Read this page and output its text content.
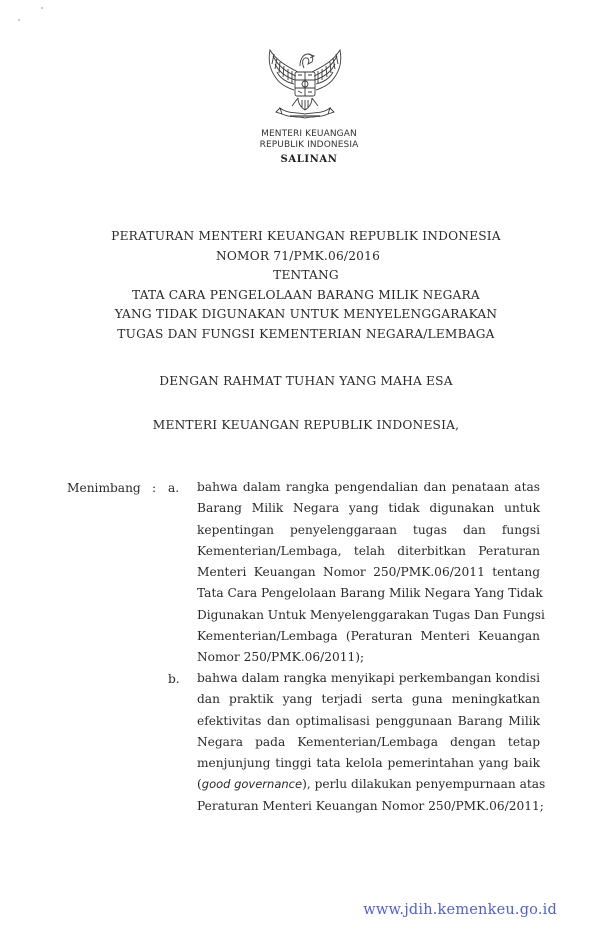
MENTERI KEUANGAN
REPUBLIK INDONESIA
SALINAN
PERATURAN MENTERI KEUANGAN REPUBLIK INDONESIA
NOMOR 71/PMK.06/2016
TENTANG
TATA CARA PENGELOLAAN BARANG MILIK NEGARA
YANG TIDAK DIGUNAKAN UNTUK MENYELENGGARAKAN
TUGAS DAN FUNGSI KEMENTERIAN NEGARA/LEMBAGA
DENGAN RAHMAT TUHAN YANG MAHA ESA
MENTERI KEUANGAN REPUBLIK INDONESIA,
Menimbang : a. bahwa dalam rangka pengendalian dan penataan atas
Barang Milik Negara yang tidak digunakan untuk
kepentingan penyelenggaraan tugas dan fungsi
Kementerian/Lembaga, telah diterbitkan Peraturan
Menteri Keuangan Nomor 250/PMK.06/2011 tentang
Tata Cara Pengelolaan Barang Milik Negara Yang Tidak
Digunakan Untuk Menyelenggarakan Tugas Dan Fungsi
Kementerian/Lembaga (Peraturan Menteri Keuangan
Nomor 250/PMK.06/2011);
b. bahwa dalam rangka menyikapi perkembangan kondisi
dan praktik yang terjadi serta guna meningkatkan
efektivitas dan optimalisasi penggunaan Barang Milik
Negara pada Kementerian/Lembaga dengan tetap
menjunjung tinggi tata kelola pemerintahan yang baik
(good governance), perlu dilakukan penyempurnaan atas
Peraturan Menteri Keuangan Nomor 250/PMK.06/2011;
www.jdih.kemenkeu.go.id
